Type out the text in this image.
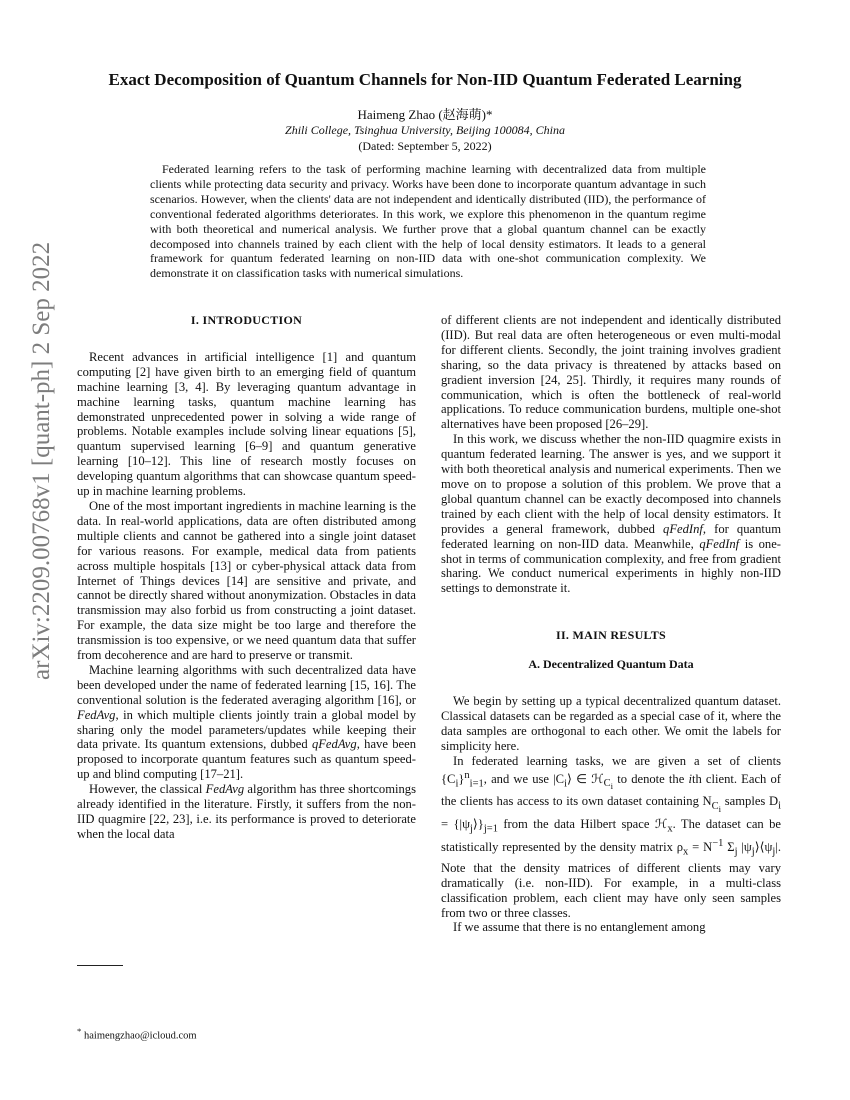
arXiv:2209.00768v1 [quant-ph] 2 Sep 2022
Exact Decomposition of Quantum Channels for Non-IID Quantum Federated Learning
Haimeng Zhao (赵海萌)*
Zhili College, Tsinghua University, Beijing 100084, China
(Dated: September 5, 2022)

Federated learning refers to the task of performing machine learning with decentralized data from multiple clients while protecting data security and privacy. Works have been done to incorporate quantum advantage in such scenarios. However, when the clients' data are not independent and identically distributed (IID), the performance of conventional federated algorithms deteriorates. In this work, we explore this phenomenon in the quantum regime with both theoretical and numerical analysis. We further prove that a global quantum channel can be exactly decomposed into channels trained by each client with the help of local density estimators. It leads to a general framework for quantum federated learning on non-IID data with one-shot communication complexity. We demonstrate it on classification tasks with numerical simulations.

I. INTRODUCTION

Recent advances in artificial intelligence [1] and quantum computing [2] have given birth to an emerging field of quantum machine learning [3, 4]. By leveraging quantum advantage in machine learning tasks, quantum machine learning has demonstrated unprecedented power in solving a wide range of problems. Notable examples include solving linear equations [5], quantum supervised learning [6–9] and quantum generative learning [10–12]. This line of research mostly focuses on developing quantum algorithms that can showcase quantum speed-up in machine learning problems.

One of the most important ingredients in machine learning is the data. In real-world applications, data are often distributed among multiple clients and cannot be gathered into a single joint dataset for various reasons. For example, medical data from patients across multiple hospitals [13] or cyber-physical attack data from Internet of Things devices [14] are sensitive and private, and cannot be directly shared without anonymization. Obstacles in data transmission may also forbid us from constructing a joint dataset. For example, the data size might be too large and therefore the transmission is too expensive, or we need quantum data that suffer from decoherence and are hard to preserve or transmit.

Machine learning algorithms with such decentralized data have been developed under the name of federated learning [15, 16]. The conventional solution is the federated averaging algorithm [16], or FedAvg, in which multiple clients jointly train a global model by sharing only the model parameters/updates while keeping their data private. Its quantum extensions, dubbed qFedAvg, have been proposed to incorporate quantum features such as quantum speed-up and blind computing [17–21].

However, the classical FedAvg algorithm has three shortcomings already identified in the literature. Firstly, it suffers from the non-IID quagmire [22, 23], i.e. its performance is proved to deteriorate when the local data

of different clients are not independent and identically distributed (IID). But real data are often heterogeneous or even multi-modal for different clients. Secondly, the joint training involves gradient sharing, so the data privacy is threatened by attacks based on gradient inversion [24, 25]. Thirdly, it requires many rounds of communication, which is often the bottleneck of real-world applications. To reduce communication burdens, multiple one-shot alternatives have been proposed [26–29].

In this work, we discuss whether the non-IID quagmire exists in quantum federated learning. The answer is yes, and we support it with both theoretical analysis and numerical experiments. Then we move on to propose a solution of this problem. We prove that a global quantum channel can be exactly decomposed into channels trained by each client with the help of local density estimators. It provides a general framework, dubbed qFedInf, for quantum federated learning on non-IID data. Meanwhile, qFedInf is one-shot in terms of communication complexity, and free from gradient sharing. We conduct numerical experiments in highly non-IID settings to demonstrate it.

II. MAIN RESULTS
A. Decentralized Quantum Data

We begin by setting up a typical decentralized quantum dataset. Classical datasets can be regarded as a special case of it, where the data samples are orthogonal to each other. We omit the labels for simplicity here.

In federated learning tasks, we are given a set of clients $\{C_i\}^n_{i=1}$, and we use $|C_i⟩$ ∈ ℋ$_{C_i}$ to denote the ith client. Each of the clients has access to its own dataset containing $N_{C_i}$ samples $D_i$ = $\{|\psi_j⟩\}_{j=1}$ from the data Hilbert space ℋ$_x$. The dataset can be statistically represented by the density matrix $\rho_x = N^{-1}$ $\Sigma_j$ $|\psi_j⟩⟨\psi_j|$. Note that the density matrices of different clients may vary dramatically (i.e. non-IID). For example, in a multi-class classification problem, each client may have only seen samples from two or three classes.

If we assume that there is no entanglement among

* haimengzhao@icloud.com
